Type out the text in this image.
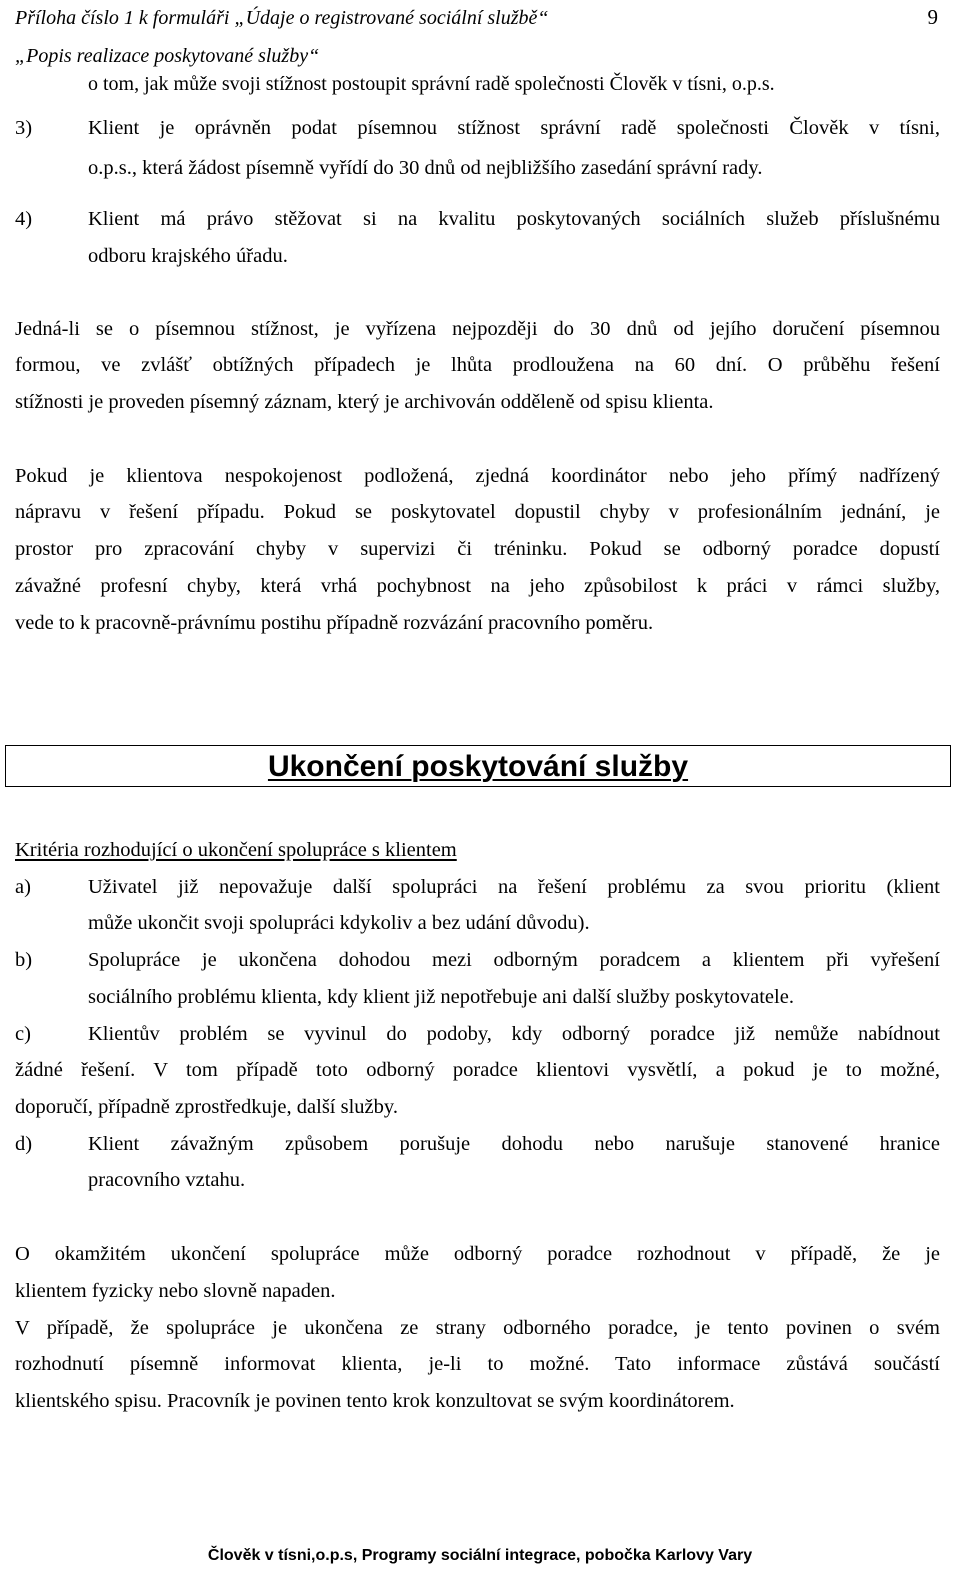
Příloha číslo 1 k formuláři „Údaje o registrované sociální službě“	9
„Popis realizace poskytované služby“
o tom, jak může svoji stížnost postoupit správní radě společnosti Člověk v tísni, o.p.s.
3)	Klient je oprávněn podat písemnou stížnost správní radě společnosti Člověk v tísni,
o.p.s., která žádost písemně vyřídí do 30 dnů od nejbližšího zasedání správní rady.
4)	Klient má právo stěžovat si na kvalitu poskytovaných sociálních služeb příslušnému
odboru krajského úřadu.
Jedná-li se o písemnou stížnost, je vyřízena nejpozději do 30 dnů od jejího doručení písemnou
formou, ve zvlášť obtížných případech je lhůta prodloužena na 60 dní. O průběhu řešení
stížnosti je proveden písemný záznam, který je archivován odděleně od spisu klienta.
Pokud je klientova nespokojenost podložená, zjedná koordinátor nebo jeho přímý nadřízený
nápravu v řešení případu. Pokud se poskytovatel dopustil chyby v profesionálním jednání, je
prostor pro zpracování chyby v supervizi či tréninku. Pokud se odborný poradce dopustí
závažné profesní chyby, která vrhá pochybnost na jeho způsobilost k práci v rámci služby,
vede to k pracovně-právnímu postihu případně rozvázání pracovního poměru.
Ukončení poskytování služby
Kritéria rozhodující o ukončení spolupráce s klientem
a)	Uživatel již nepovažuje další spolupráci na řešení problému za svou prioritu (klient
může ukončit svoji spolupráci kdykoliv a bez udání důvodu).
b)	Spolupráce je ukončena dohodou mezi odborným poradcem a klientem při vyřešení
sociálního problému klienta, kdy klient již nepotřebuje ani další služby poskytovatele.
c)	Klientův problém se vyvinul do podoby, kdy odborný poradce již nemůže nabídnout
žádné řešení. V tom případě toto odborný poradce klientovi vysvětlí, a pokud je to možné,
doporučí, případně zprostředkuje, další služby.
d)	Klient závažným způsobem porušuje dohodu nebo narušuje stanovené hranice
pracovního vztahu.
O okamžitém ukončení spolupráce může odborný poradce rozhodnout v případě, že je
klientem fyzicky nebo slovně napaden.
V případě, že spolupráce je ukončena ze strany odborného poradce, je tento povinen o svém
rozhodnutí písemně informovat klienta, je-li to možné. Tato informace zůstává součástí
klientského spisu. Pracovník je povinen tento krok konzultovat se svým koordinátorem.
Člověk v tísni,o.p.s, Programy sociální integrace, pobočka Karlovy Vary
